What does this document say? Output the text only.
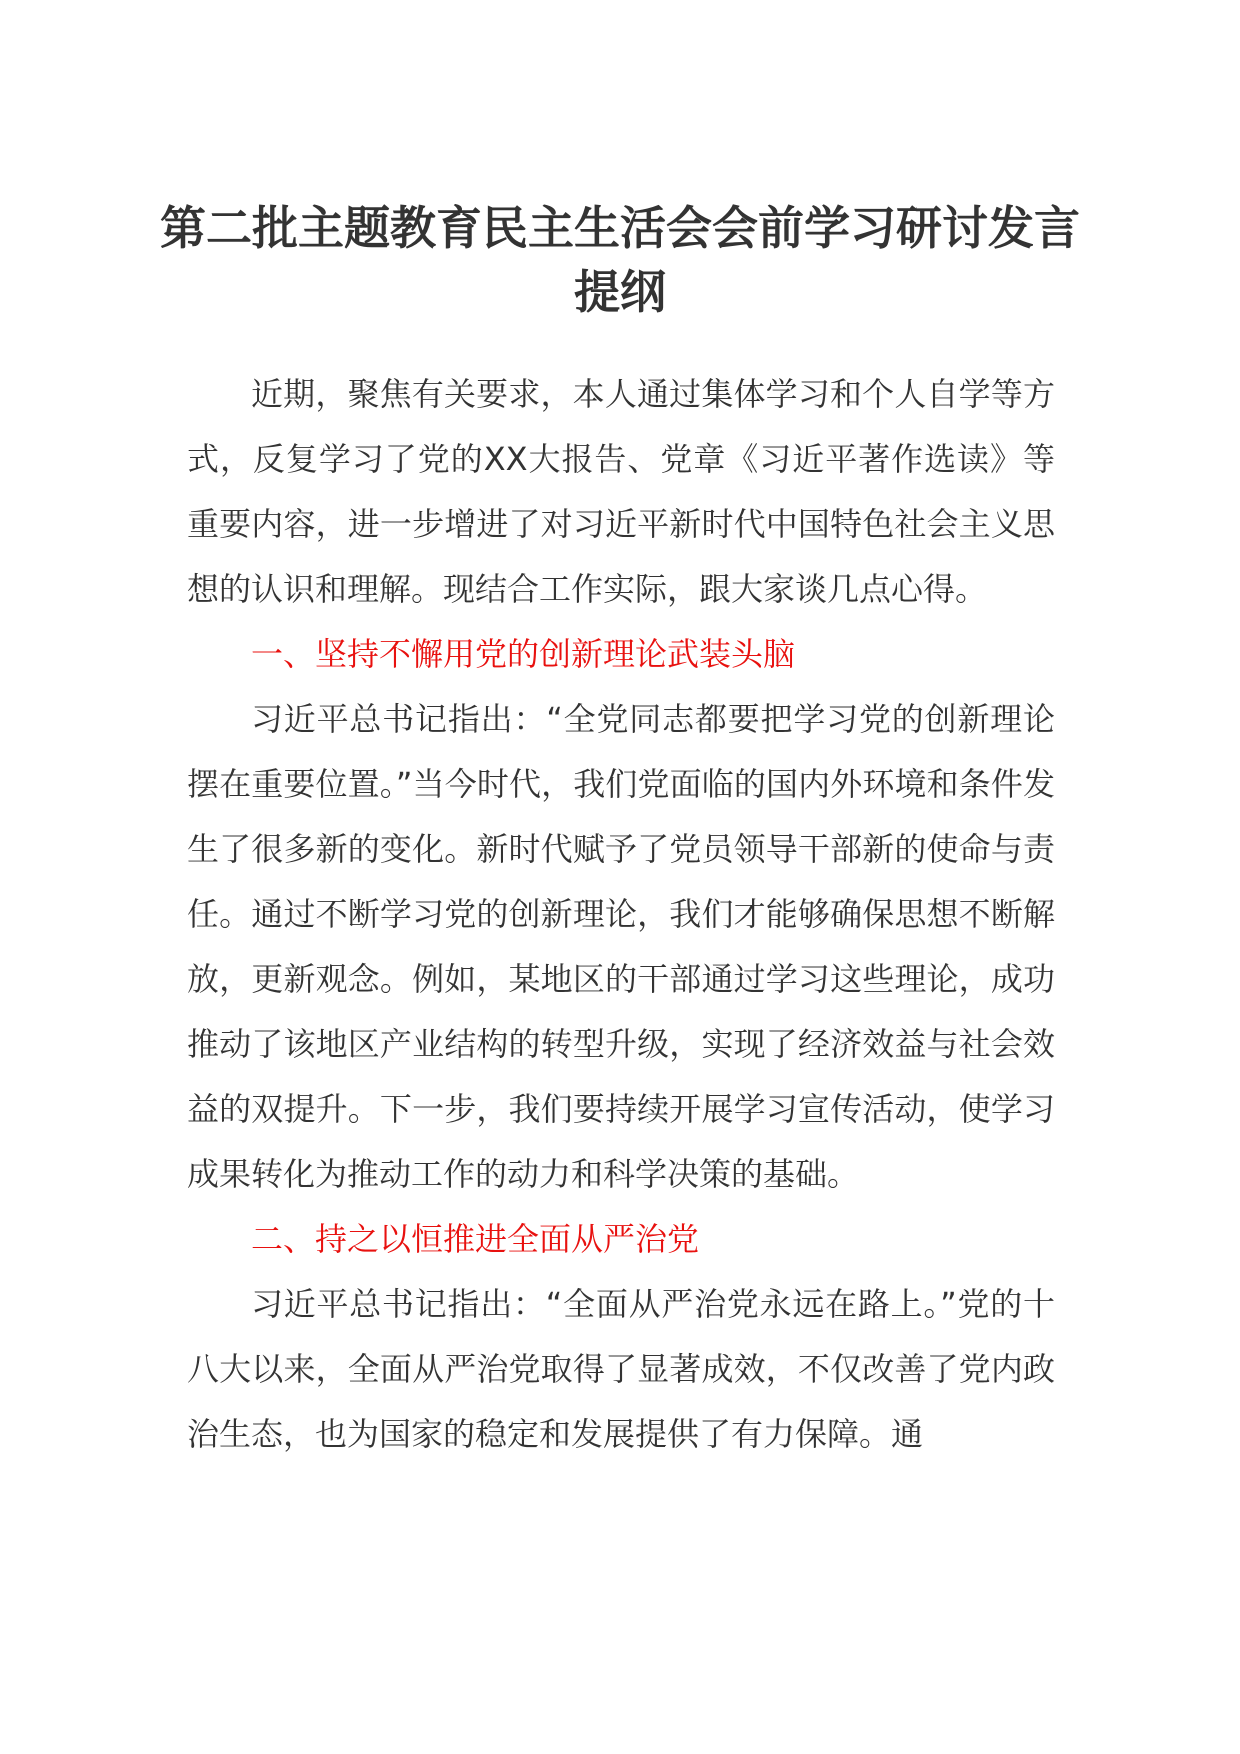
第二批主题教育民主生活会会前学习研讨发言提纲

近期，聚焦有关要求，本人通过集体学习和个人自学等方式，反复学习了党的XX大报告、党章《习近平著作选读》等重要内容，进一步增进了对习近平新时代中国特色社会主义思想的认识和理解。现结合工作实际，跟大家谈几点心得。

一、坚持不懈用党的创新理论武装头脑

习近平总书记指出：“全党同志都要把学习党的创新理论摆在重要位置。”当今时代，我们党面临的国内外环境和条件发生了很多新的变化。新时代赋予了党员领导干部新的使命与责任。通过不断学习党的创新理论，我们才能够确保思想不断解放，更新观念。例如，某地区的干部通过学习这些理论，成功推动了该地区产业结构的转型升级，实现了经济效益与社会效益的双提升。下一步，我们要持续开展学习宣传活动，使学习成果转化为推动工作的动力和科学决策的基础。

二、持之以恒推进全面从严治党

习近平总书记指出：“全面从严治党永远在路上。”党的十八大以来，全面从严治党取得了显著成效，不仅改善了党内政治生态，也为国家的稳定和发展提供了有力保障。通
